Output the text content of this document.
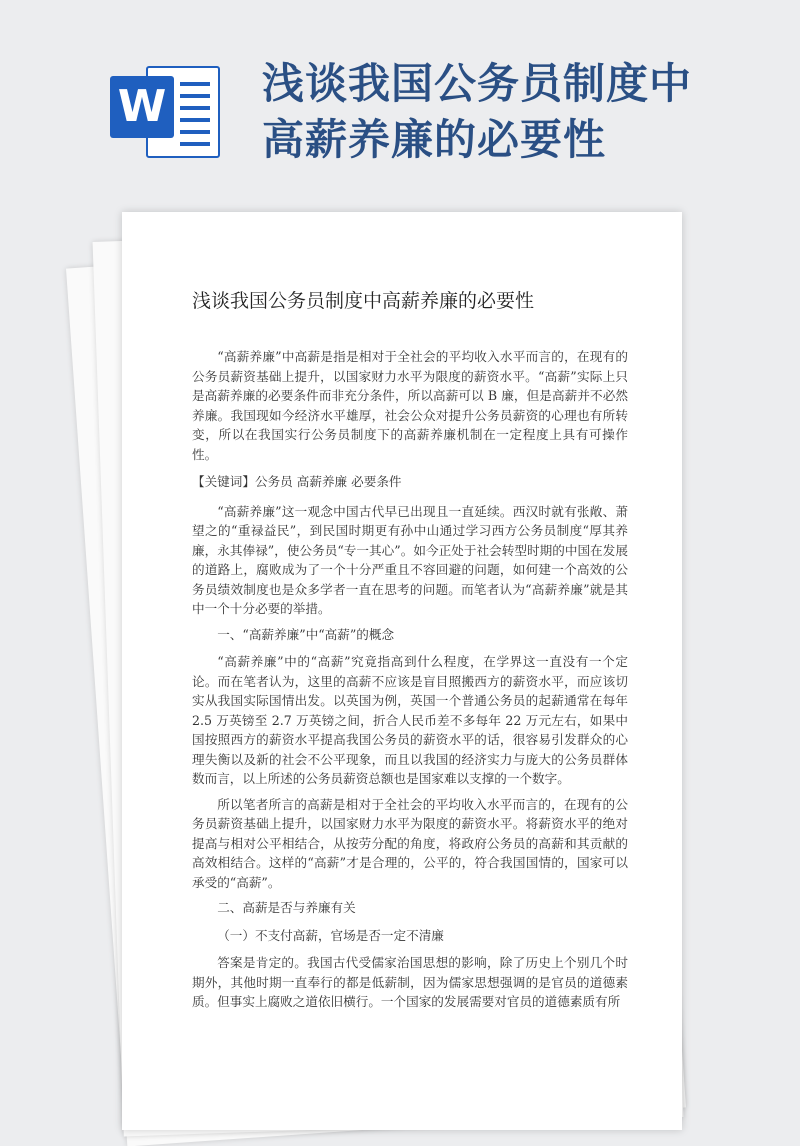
W 浅谈我国公务员制度中
高薪养廉的必要性
浅谈我国公务员制度中高薪养廉的必要性

“高薪养廉”中高薪是指是相对于全社会的平均收入水平而言的，在现有的公务员薪资基础上提升，以国家财力水平为限度的薪资水平。“高薪”实际上只是高薪养廉的必要条件而非充分条件，所以高薪可以 B 廉，但是高薪并不必然养廉。我国现如今经济水平雄厚，社会公众对提升公务员薪资的心理也有所转变，所以在我国实行公务员制度下的高薪养廉机制在一定程度上具有可操作性。

【关键词】公务员 高薪养廉 必要条件

“高薪养廉”这一观念中国古代早已出现且一直延续。西汉时就有张敞、萧望之的“重禄益民”，到民国时期更有孙中山通过学习西方公务员制度“厚其养廉，永其俸禄”，使公务员“专一其心”。如今正处于社会转型时期的中国在发展的道路上，腐败成为了一个十分严重且不容回避的问题，如何建一个高效的公务员绩效制度也是众多学者一直在思考的问题。而笔者认为“高薪养廉”就是其中一个十分必要的举措。

一、“高薪养廉”中“高薪”的概念

“高薪养廉”中的“高薪”究竟指高到什么程度，在学界这一直没有一个定论。而在笔者认为，这里的高薪不应该是盲目照搬西方的薪资水平，而应该切实从我国实际国情出发。以英国为例，英国一个普通公务员的起薪通常在每年 2.5 万英镑至 2.7 万英镑之间，折合人民币差不多每年 22 万元左右，如果中国按照西方的薪资水平提高我国公务员的薪资水平的话，很容易引发群众的心理失衡以及新的社会不公平现象，而且以我国的经济实力与庞大的公务员群体数而言，以上所述的公务员薪资总额也是国家难以支撑的一个数字。

所以笔者所言的高薪是相对于全社会的平均收入水平而言的，在现有的公务员薪资基础上提升，以国家财力水平为限度的薪资水平。将薪资水平的绝对提高与相对公平相结合，从按劳分配的角度，将政府公务员的高薪和其贡献的高效相结合。这样的“高薪”才是合理的，公平的，符合我国国情的，国家可以承受的“高薪”。

二、高薪是否与养廉有关

（一）不支付高薪，官场是否一定不清廉

答案是肯定的。我国古代受儒家治国思想的影响，除了历史上个别几个时期外，其他时期一直奉行的都是低薪制，因为儒家思想强调的是官员的道德素质。但事实上腐败之道依旧横行。一个国家的发展需要对官员的道德素质有所
